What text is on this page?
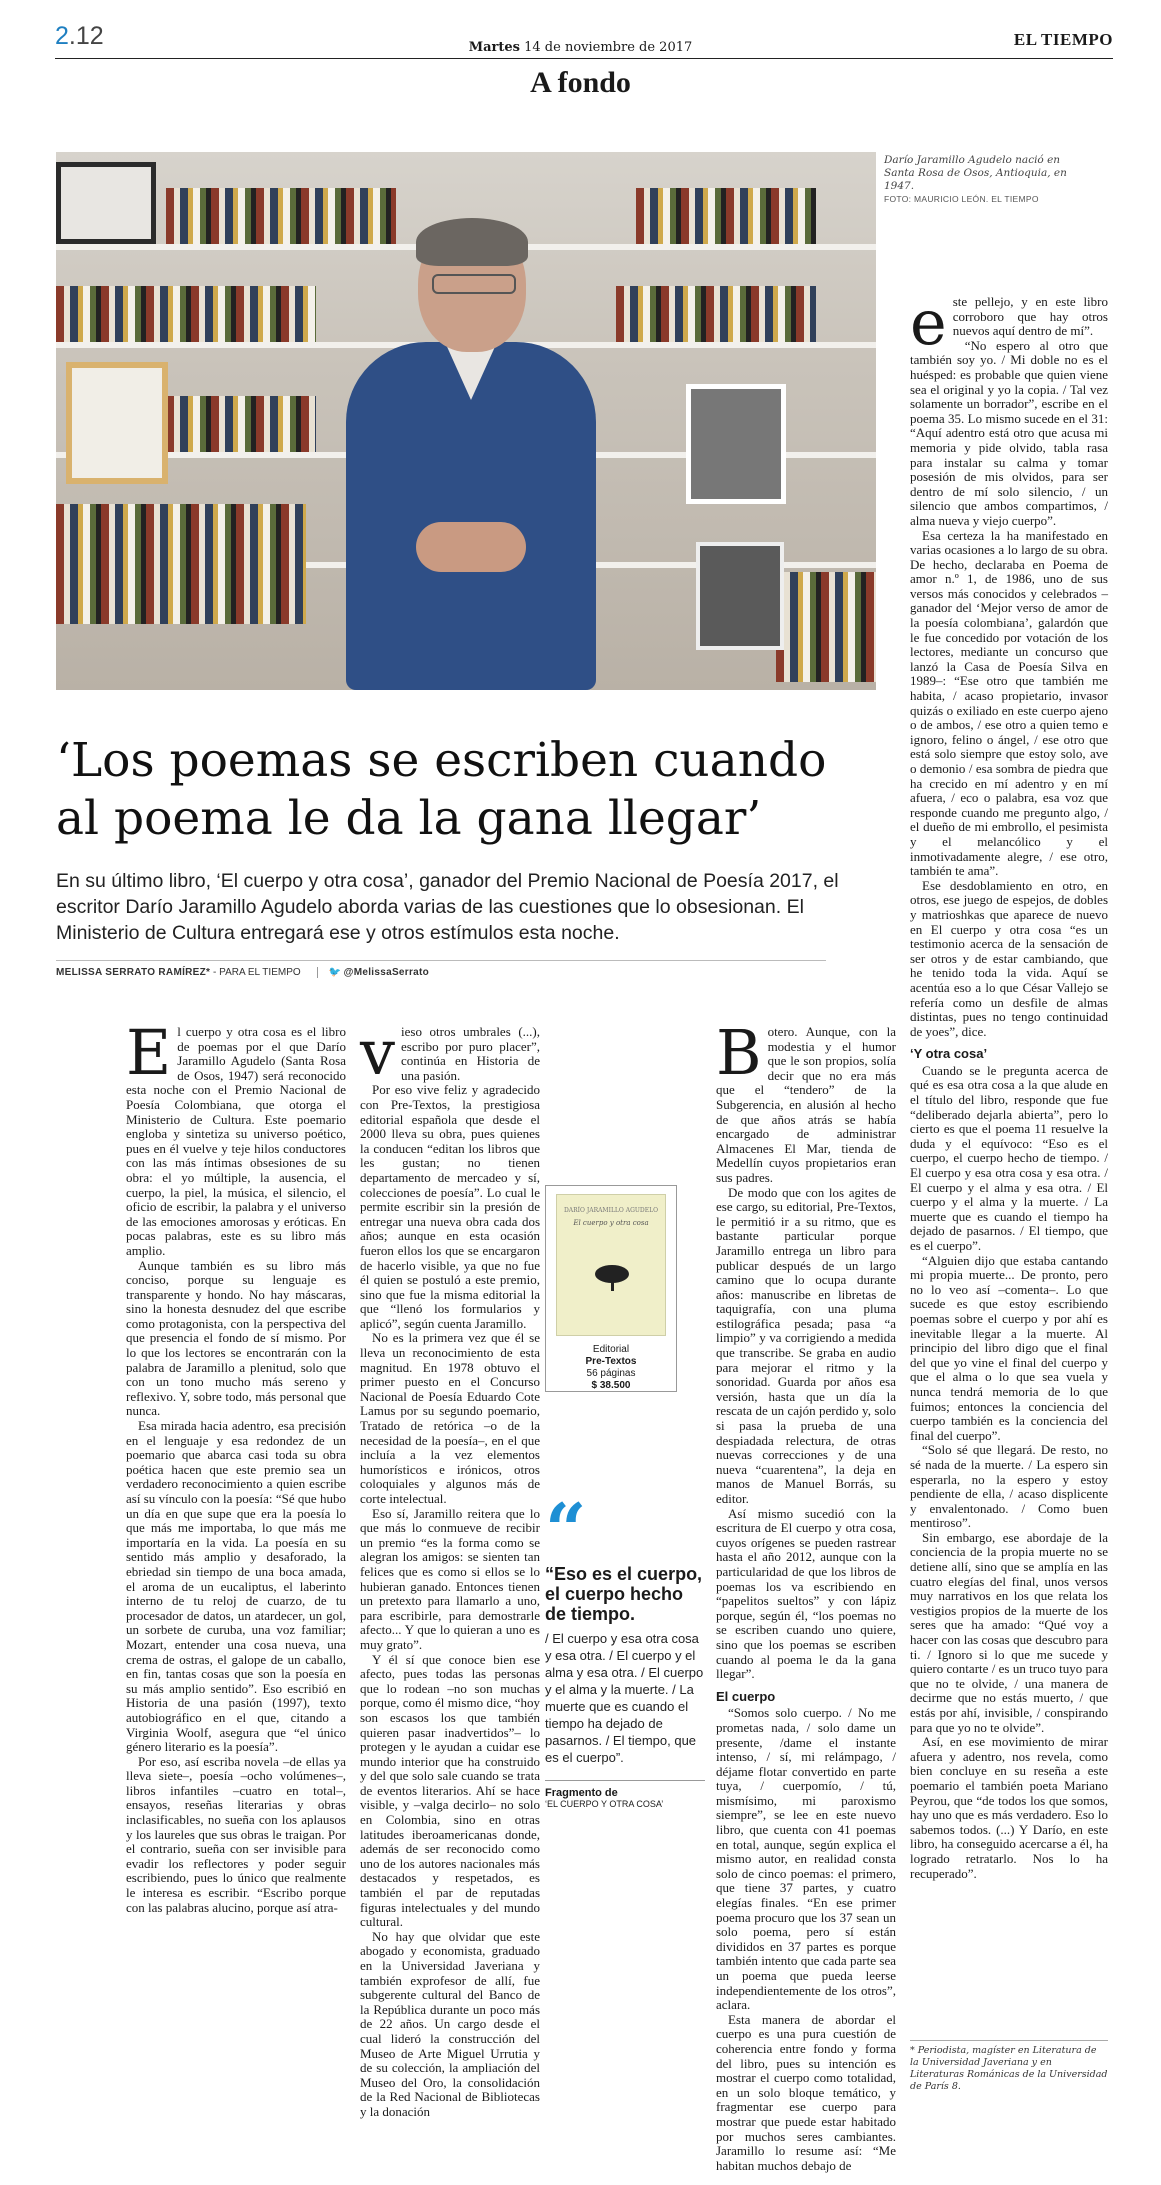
2.12	Martes 14 de noviembre de 2017	EL TIEMPO
A fondo
Darío Jaramillo Agudelo nació en Santa Rosa de Osos, Antioquia, en 1947.
FOTO: MAURICIO LEÓN. EL TIEMPO
‘Los poemas se escriben cuando al poema le da la gana llegar’
En su último libro, ‘El cuerpo y otra cosa’, ganador del Premio Nacional de Poesía 2017, el escritor Darío Jaramillo Agudelo aborda varias de las cuestiones que lo obsesionan. El Ministerio de Cultura entregará ese y otros estímulos esta noche.
MELISSA SERRATO RAMÍREZ* - PARA EL TIEMPO	🐦 @MelissaSerrato

El cuerpo y otra cosa es el libro de poemas por el que Darío Jaramillo Agudelo (Santa Rosa de Osos, 1947) será reconocido esta noche con el Premio Nacional de Poesía Colombiana, que otorga el Ministerio de Cultura. Este poemario engloba y sintetiza su universo poético, pues en él vuelve y teje hilos conductores con las más íntimas obsesiones de su obra: el yo múltiple, la ausencia, el cuerpo, la piel, la música, el silencio, el oficio de escribir, la palabra y el universo de las emociones amorosas y eróticas. En pocas palabras, este es su libro más amplio.

Aunque también es su libro más conciso, porque su lenguaje es transparente y hondo. No hay máscaras, sino la honesta desnudez del que escribe como protagonista, con la perspectiva del que presencia el fondo de sí mismo. Por lo que los lectores se encontrarán con la palabra de Jaramillo a plenitud, solo que con un tono mucho más sereno y reflexivo. Y, sobre todo, más personal que nunca.

Esa mirada hacia adentro, esa precisión en el lenguaje y esa redondez de un poemario que abarca casi toda su obra poética hacen que este premio sea un verdadero reconocimiento a quien escribe así su vínculo con la poesía: “Sé que hubo un día en que supe que era la poesía lo que más me importaba, lo que más me importaría en la vida. La poesía en su sentido más amplio y desaforado, la ebriedad sin tiempo de una boca amada, el aroma de un eucaliptus, el laberinto interno de tu reloj de cuarzo, de tu procesador de datos, un atardecer, un gol, un sorbete de curuba, una voz familiar; Mozart, entender una cosa nueva, una crema de ostras, el galope de un caballo, en fin, tantas cosas que son la poesía en su más amplio sentido”. Eso escribió en Historia de una pasión (1997), texto autobiográfico en el que, citando a Virginia Woolf, asegura que “el único género literario es la poesía”.

Por eso, así escriba novela –de ellas ya lleva siete–, poesía –ocho volúmenes–, libros infantiles –cuatro en total–, ensayos, reseñas literarias y obras inclasificables, no sueña con los aplausos y los laureles que sus obras le traigan. Por el contrario, sueña con ser invisible para evadir los reflectores y poder seguir escribiendo, pues lo único que realmente le interesa es escribir. “Escribo porque con las palabras alucino, porque así atra-

vieso otros umbrales (...), escribo por puro placer”, continúa en Historia de una pasión.

Por eso vive feliz y agradecido con Pre-Textos, la prestigiosa editorial española que desde el 2000 lleva su obra, pues quienes la conducen “editan los libros que les gustan; no tienen departamento de mercadeo y sí, colecciones de poesía”. Lo cual le permite escribir sin la presión de entregar una nueva obra cada dos años; aunque en esta ocasión fueron ellos los que se encargaron de hacerlo visible, ya que no fue él quien se postuló a este premio, sino que fue la misma editorial la que “llenó los formularios y aplicó”, según cuenta Jaramillo.

No es la primera vez que él se lleva un reconocimiento de esta magnitud. En 1978 obtuvo el primer puesto en el Concurso Nacional de Poesía Eduardo Cote Lamus por su segundo poemario, Tratado de retórica –o de la necesidad de la poesía–, en el que incluía a la vez elementos humorísticos e irónicos, otros coloquiales y algunos más de corte intelectual.

Eso sí, Jaramillo reitera que lo que más lo conmueve de recibir un premio “es la forma como se alegran los amigos: se sienten tan felices que es como si ellos se lo hubieran ganado. Entonces tienen un pretexto para llamarlo a uno, para escribirle, para demostrarle afecto... Y que lo quieran a uno es muy grato”.

Y él sí que conoce bien ese afecto, pues todas las personas que lo rodean –no son muchas porque, como él mismo dice, “hoy son escasos los que también quieren pasar inadvertidos”– lo protegen y le ayudan a cuidar ese mundo interior que ha construido y del que solo sale cuando se trata de eventos literarios. Ahí se hace visible, y –valga decirlo– no solo en Colombia, sino en otras latitudes iberoamericanas donde, además de ser reconocido como uno de los autores nacionales más destacados y respetados, es también el par de reputadas figuras intelectuales y del mundo cultural.

No hay que olvidar que este abogado y economista, graduado en la Universidad Javeriana y también exprofesor de allí, fue subgerente cultural del Banco de la República durante un poco más de 22 años. Un cargo desde el cual lideró la construcción del Museo de Arte Miguel Urrutia y de su colección, la ampliación del Museo del Oro, la consolidación de la Red Nacional de Bibliotecas y la donación

DARÍO JARAMILLO AGUDELO
El cuerpo y otra cosa
Editorial
Pre-Textos
56 páginas
$ 38.500
“
“Eso es el cuerpo, el cuerpo hecho de tiempo.
/ El cuerpo y esa otra cosa y esa otra. / El cuerpo y el alma y esa otra. / El cuerpo y el alma y la muerte. / La muerte que es cuando el tiempo ha dejado de pasarnos. / El tiempo, que es el cuerpo”.
Fragmento de
‘EL CUERPO Y OTRA COSA’

Botero. Aunque, con la modestia y el humor que le son propios, solía decir que no era más que el “tendero” de la Subgerencia, en alusión al hecho de que años atrás se había encargado de administrar Almacenes El Mar, tienda de Medellín cuyos propietarios eran sus padres.

De modo que con los agites de ese cargo, su editorial, Pre-Textos, le permitió ir a su ritmo, que es bastante particular porque Jaramillo entrega un libro para publicar después de un largo camino que lo ocupa durante años: manuscribe en libretas de taquigrafía, con una pluma estilográfica pesada; pasa “a limpio” y va corrigiendo a medida que transcribe. Se graba en audio para mejorar el ritmo y la sonoridad. Guarda por años esa versión, hasta que un día la rescata de un cajón perdido y, solo si pasa la prueba de una despiadada relectura, de otras nuevas correcciones y de una nueva “cuarentena”, la deja en manos de Manuel Borrás, su editor.

Así mismo sucedió con la escritura de El cuerpo y otra cosa, cuyos orígenes se pueden rastrear hasta el año 2012, aunque con la particularidad de que los libros de poemas los va escribiendo en “papelitos sueltos” y con lápiz porque, según él, “los poemas no se escriben cuando uno quiere, sino que los poemas se escriben cuando al poema le da la gana llegar”.

El cuerpo

“Somos solo cuerpo. / No me prometas nada, / solo dame un presente, /dame el instante intenso, / sí, mi relámpago, / déjame flotar convertido en parte tuya, / cuerpomío, / tú, mismísimo, mi paroxismo siempre”, se lee en este nuevo libro, que cuenta con 41 poemas en total, aunque, según explica el mismo autor, en realidad consta solo de cinco poemas: el primero, que tiene 37 partes, y cuatro elegías finales. “En ese primer poema procuro que los 37 sean un solo poema, pero sí están divididos en 37 partes es porque también intento que cada parte sea un poema que pueda leerse independientemente de los otros”, aclara.

Esta manera de abordar el cuerpo es una pura cuestión de coherencia entre fondo y forma del libro, pues su intención es mostrar el cuerpo como totalidad, en un solo bloque temático, y fragmentar ese cuerpo para mostrar que puede estar habitado por muchos seres cambiantes. Jaramillo lo resume así: “Me habitan muchos debajo de

este pellejo, y en este libro corroboro que hay otros nuevos aquí dentro de mí”.

“No espero al otro que también soy yo. / Mi doble no es el huésped: es probable que quien viene sea el original y yo la copia. / Tal vez solamente un borrador”, escribe en el poema 35. Lo mismo sucede en el 31: “Aquí adentro está otro que acusa mi memoria y pide olvido, tabla rasa para instalar su calma y tomar posesión de mis olvidos, para ser dentro de mí solo silencio, / un silencio que ambos compartimos, / alma nueva y viejo cuerpo”.

Esa certeza la ha manifestado en varias ocasiones a lo largo de su obra. De hecho, declaraba en Poema de amor n.º 1, de 1986, uno de sus versos más conocidos y celebrados –ganador del ‘Mejor verso de amor de la poesía colombiana’, galardón que le fue concedido por votación de los lectores, mediante un concurso que lanzó la Casa de Poesía Silva en 1989–: “Ese otro que también me habita, / acaso propietario, invasor quizás o exiliado en este cuerpo ajeno o de ambos, / ese otro a quien temo e ignoro, felino o ángel, / ese otro que está solo siempre que estoy solo, ave o demonio / esa sombra de piedra que ha crecido en mí adentro y en mí afuera, / eco o palabra, esa voz que responde cuando me pregunto algo, / el dueño de mi embrollo, el pesimista y el melancólico y el inmotivadamente alegre, / ese otro, también te ama”.

Ese desdoblamiento en otro, en otros, ese juego de espejos, de dobles y matrioshkas que aparece de nuevo en El cuerpo y otra cosa “es un testimonio acerca de la sensación de ser otros y de estar cambiando, que he tenido toda la vida. Aquí se acentúa eso a lo que César Vallejo se refería como un desfile de almas distintas, pues no tengo continuidad de yoes”, dice.

‘Y otra cosa’

Cuando se le pregunta acerca de qué es esa otra cosa a la que alude en el título del libro, responde que fue “deliberado dejarla abierta”, pero lo cierto es que el poema 11 resuelve la duda y el equívoco: “Eso es el cuerpo, el cuerpo hecho de tiempo. / El cuerpo y esa otra cosa y esa otra. / El cuerpo y el alma y esa otra. / El cuerpo y el alma y la muerte. / La muerte que es cuando el tiempo ha dejado de pasarnos. / El tiempo, que es el cuerpo”.

“Alguien dijo que estaba cantando mi propia muerte... De pronto, pero no lo veo así –comenta–. Lo que sucede es que estoy escribiendo poemas sobre el cuerpo y por ahí es inevitable llegar a la muerte. Al principio del libro digo que el final del que yo vine el final del cuerpo y que el alma o lo que sea vuela y nunca tendrá memoria de lo que fuimos; entonces la conciencia del cuerpo también es la conciencia del final del cuerpo”.

“Solo sé que llegará. De resto, no sé nada de la muerte. / La espero sin esperarla, no la espero y estoy pendiente de ella, / acaso displicente y envalentonado. / Como buen mentiroso”.

Sin embargo, ese abordaje de la conciencia de la propia muerte no se detiene allí, sino que se amplía en las cuatro elegías del final, unos versos muy narrativos en los que relata los vestigios propios de la muerte de los seres que ha amado: “Qué voy a hacer con las cosas que descubro para ti. / Ignoro si lo que me sucede y quiero contarte / es un truco tuyo para que no te olvide, / una manera de decirme que no estás muerto, / que estás por ahí, invisible, / conspirando para que yo no te olvide”.

Así, en ese movimiento de mirar afuera y adentro, nos revela, como bien concluye en su reseña a este poemario el también poeta Mariano Peyrou, que “de todos los que somos, hay uno que es más verdadero. Eso lo sabemos todos. (...) Y Darío, en este libro, ha conseguido acercarse a él, ha logrado retratarlo. Nos lo ha recuperado”.

* Periodista, magíster en Literatura de la Universidad Javeriana y en Literaturas Románicas de la Universidad de París 8.
